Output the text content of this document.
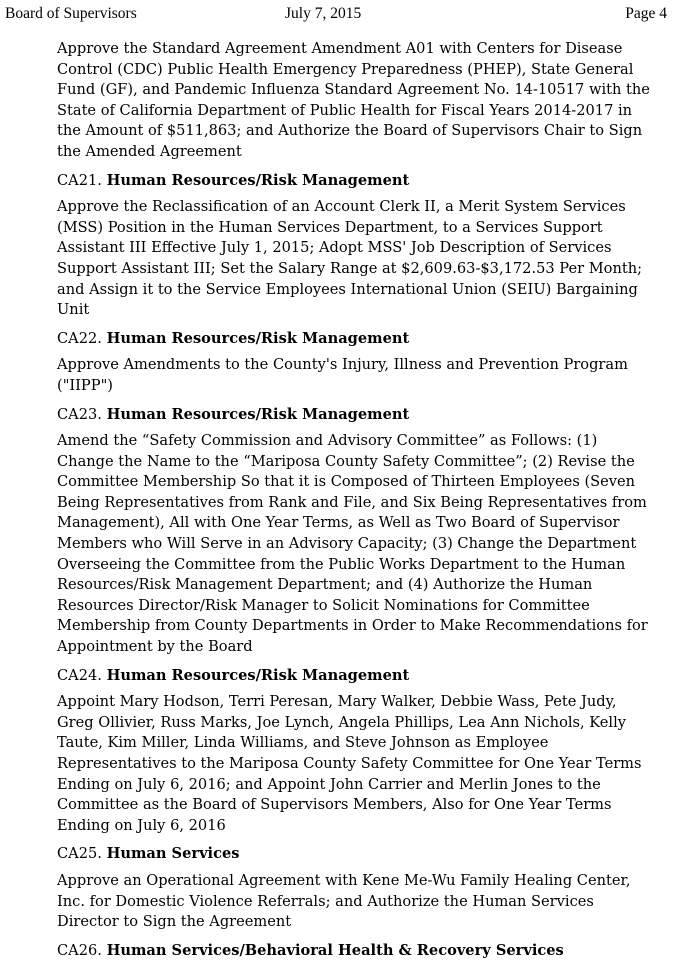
Board of Supervisors	July 7, 2015	Page 4

Approve the Standard Agreement Amendment A01 with Centers for Disease Control (CDC) Public Health Emergency Preparedness (PHEP), State General Fund (GF), and Pandemic Influenza Standard Agreement No. 14-10517 with the State of California Department of Public Health for Fiscal Years 2014-2017 in the Amount of $511,863; and Authorize the Board of Supervisors Chair to Sign the Amended Agreement

CA21. Human Resources/Risk Management

Approve the Reclassification of an Account Clerk II, a Merit System Services (MSS) Position in the Human Services Department, to a Services Support Assistant III Effective July 1, 2015; Adopt MSS' Job Description of Services Support Assistant III; Set the Salary Range at $2,609.63-$3,172.53 Per Month; and Assign it to the Service Employees International Union (SEIU) Bargaining Unit

CA22. Human Resources/Risk Management

Approve Amendments to the County's Injury, Illness and Prevention Program ("IIPP")

CA23. Human Resources/Risk Management

Amend the “Safety Commission and Advisory Committee” as Follows: (1) Change the Name to the “Mariposa County Safety Committee”; (2) Revise the Committee Membership So that it is Composed of Thirteen Employees (Seven Being Representatives from Rank and File, and Six Being Representatives from Management), All with One Year Terms, as Well as Two Board of Supervisor Members who Will Serve in an Advisory Capacity; (3) Change the Department Overseeing the Committee from the Public Works Department to the Human Resources/Risk Management Department; and (4) Authorize the Human Resources Director/Risk Manager to Solicit Nominations for Committee Membership from County Departments in Order to Make Recommendations for Appointment by the Board

CA24. Human Resources/Risk Management

Appoint Mary Hodson, Terri Peresan, Mary Walker, Debbie Wass, Pete Judy, Greg Ollivier, Russ Marks, Joe Lynch, Angela Phillips, Lea Ann Nichols, Kelly Taute, Kim Miller, Linda Williams, and Steve Johnson as Employee Representatives to the Mariposa County Safety Committee for One Year Terms Ending on July 6, 2016; and Appoint John Carrier and Merlin Jones to the Committee as the Board of Supervisors Members, Also for One Year Terms Ending on July 6, 2016

CA25. Human Services

Approve an Operational Agreement with Kene Me-Wu Family Healing Center, Inc. for Domestic Violence Referrals; and Authorize the Human Services Director to Sign the Agreement

CA26. Human Services/Behavioral Health & Recovery Services
